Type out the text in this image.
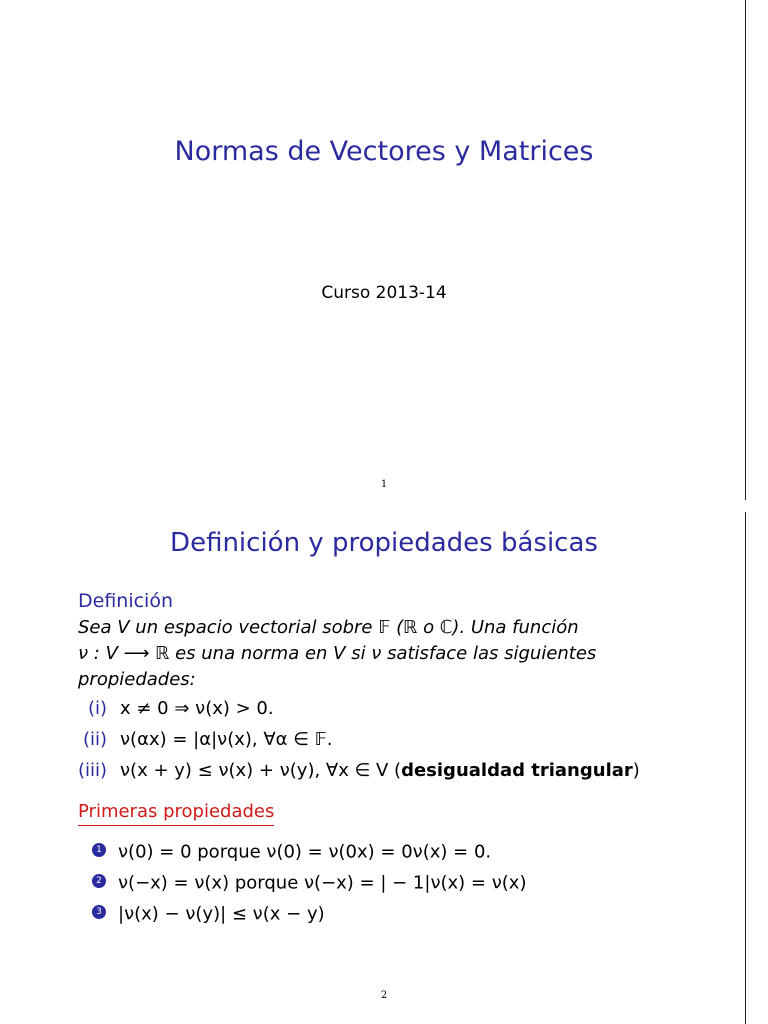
Normas de Vectores y Matrices
Curso 2013-14
1
Definición y propiedades básicas
Definición
Sea V un espacio vectorial sobre 𝔽 (ℝ o ℂ). Una función
ν : V ⟶ ℝ es una norma en V si ν satisface las siguientes
propiedades:
(i) x ≠ 0 ⇒ ν(x) > 0.
(ii) ν(αx) = |α|ν(x), ∀α ∈ 𝔽.
(iii) ν(x + y) ≤ ν(x) + ν(y), ∀x ∈ V (desigualdad triangular)
Primeras propiedades
1 ν(0) = 0 porque ν(0) = ν(0x) = 0ν(x) = 0.
2 ν(−x) = ν(x) porque ν(−x) = | − 1|ν(x) = ν(x)
3 |ν(x) − ν(y)| ≤ ν(x − y)
2
